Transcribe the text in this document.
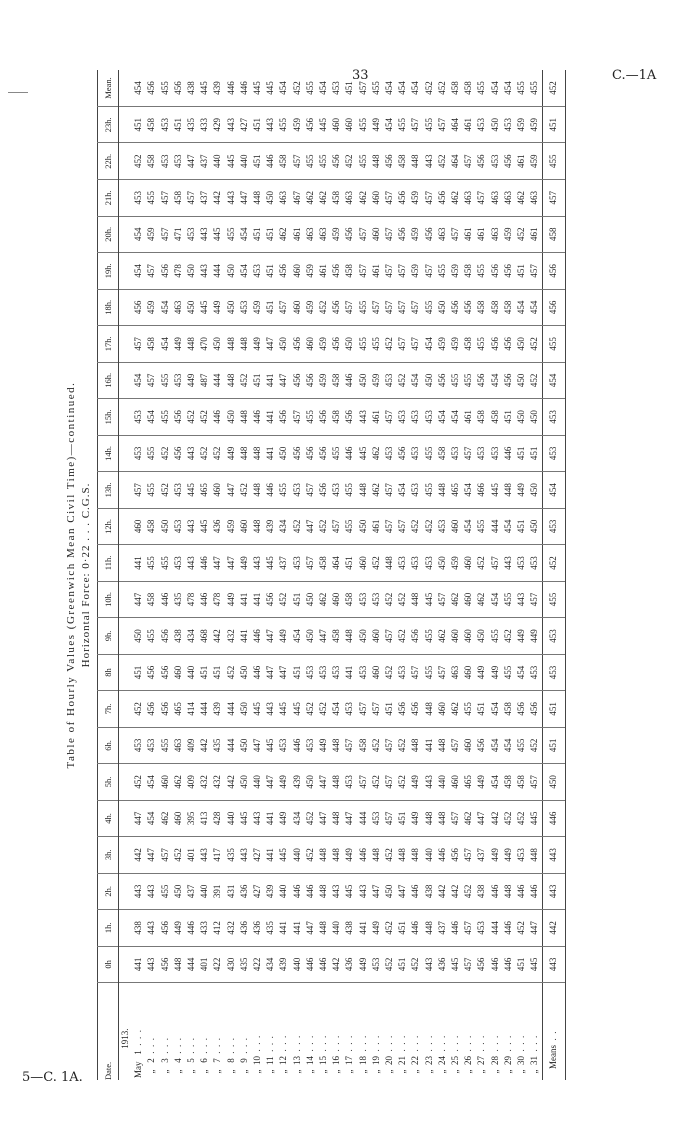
33	C.—1A
5—C. 1A.
Table of Hourly Values (Greenwich Mean Civil Time)—continued. Horizontal Force: 0·22 . . . C.G.S.
Date.	0h	1h.	2h.	3h.	4h.	5h.	6h.	7h.	8h	9h.	10h.	11h.	12h.	13h.	14h.	15h.	16h.	17h.	18h.	19h.	20h.	21h.	22h.	23h.	Mean.
1913.																									
May   1  .  .  .	441	438	443	442	447	452	453	452	451	450	447	441	460	457	453	453	454	457	456	454	454	453	452	451	454
„   2  .  .  .	443	443	443	447	454	454	453	456	456	455	458	455	458	455	455	454	457	458	459	457	459	455	458	458	456
„   3  .  .  .	456	456	455	457	462	460	455	456	456	456	446	455	450	452	452	455	455	454	454	456	457	457	453	453	455
„   4  .  .  .	448	449	450	452	460	462	463	465	460	438	435	453	453	453	456	456	453	449	463	478	471	458	453	451	456
„   5  .  .  .	444	446	437	401	395	409	409	414	440	434	478	443	443	445	443	452	449	448	450	450	453	457	447	435	438
„   6  .  .  .	401	433	440	443	413	432	442	444	451	468	446	446	445	465	452	452	487	470	445	443	443	437	437	433	445
„   7  .  .  .	422	412	391	417	428	432	435	439	451	442	478	447	436	460	452	446	444	450	449	444	445	442	440	429	439
„   8  .  .  .	430	432	431	435	440	442	444	444	452	432	449	447	459	447	449	450	448	448	450	450	455	443	445	443	446
„   9  .  .  .	435	436	436	443	445	450	450	450	450	441	441	449	460	452	448	448	452	448	453	454	454	447	440	427	446
„  10  .  .  .	422	436	427	427	443	440	447	445	446	446	441	443	448	448	448	446	451	449	459	453	451	448	451	451	445
„  11  .  .  .	434	435	439	441	441	447	445	443	447	447	456	445	439	446	441	441	441	447	451	451	451	450	446	443	445
„  12  .  .  .	439	441	440	445	449	449	453	445	447	449	452	437	434	455	450	456	447	450	457	456	462	463	458	455	454
„  13  .  .  .	440	441	446	440	434	439	446	445	451	454	451	453	452	453	456	457	456	456	460	460	461	467	457	459	452
„  14  .  .  .	446	447	446	452	452	450	453	452	453	450	450	457	447	457	456	455	456	460	459	459	463	462	455	456	455
„  15  .  .  .	446	448	448	448	447	447	449	452	453	447	462	458	452	456	456	456	459	459	452	461	463	462	455	445	454
„  16  .  .  .	442	440	443	448	448	448	448	454	453	458	460	464	457	453	455	458	458	456	456	456	459	458	456	460	453
„  17  .  .  .	436	438	445	449	447	453	457	453	441	448	458	451	455	455	446	456	446	450	457	458	456	463	452	460	451
„  18  .  .  .	449	441	443	446	444	457	458	457	453	450	453	460	450	448	445	443	450	455	455	457	457	462	455	455	457
„  19  .  .  .	453	449	447	448	453	452	452	457	460	460	453	452	461	462	462	461	459	455	457	461	460	460	448	449	455
„  20  .  .  .	452	452	450	452	457	457	457	451	452	457	452	448	457	457	453	457	453	452	457	457	457	457	456	454	454
„  21  .  .  .	451	451	447	448	451	452	452	456	453	452	452	453	457	454	456	453	452	457	457	457	456	456	458	455	454
„  22  .  .  .	452	446	446	448	449	449	448	456	457	456	448	453	452	453	453	453	454	457	457	459	459	459	448	457	454
„  23  .  .  .	443	448	438	440	448	443	441	448	455	455	445	453	452	455	455	453	450	454	455	457	456	457	443	455	452
„  24  .  .  .	436	437	442	446	448	440	448	460	457	462	457	450	453	448	458	454	456	459	450	455	463	456	452	457	452
„  25  .  .  .	445	446	442	456	457	460	457	462	463	460	462	459	460	465	453	454	455	459	456	459	457	462	464	464	458
„  26  .  .  .	457	457	452	457	462	465	460	455	460	460	460	460	454	454	457	461	455	458	456	458	461	463	457	461	458
„  27  .  .  .	456	453	438	437	447	449	456	451	449	450	462	452	455	466	453	458	456	455	458	455	461	457	456	453	455
„  28  .  .  .	446	444	446	449	442	454	454	454	449	455	454	457	444	445	453	458	454	456	458	456	463	463	453	450	454
„  29  .  .  .	446	446	448	449	452	458	454	458	455	452	455	443	454	448	446	451	456	456	458	456	459	463	456	453	454
„  30  .  .  .	451	452	446	453	452	458	455	456	454	449	443	453	451	449	451	450	450	450	454	451	452	462	461	459	455
„  31  .  .  .	445	447	446	448	445	457	452	456	453	449	457	453	450	450	451	450	452	452	454	457	461	463	459	459	455
Means  .  .	443	442	443	443	446	450	451	451	453	453	455	452	453	454	453	453	454	455	456	456	458	457	455	451	452
